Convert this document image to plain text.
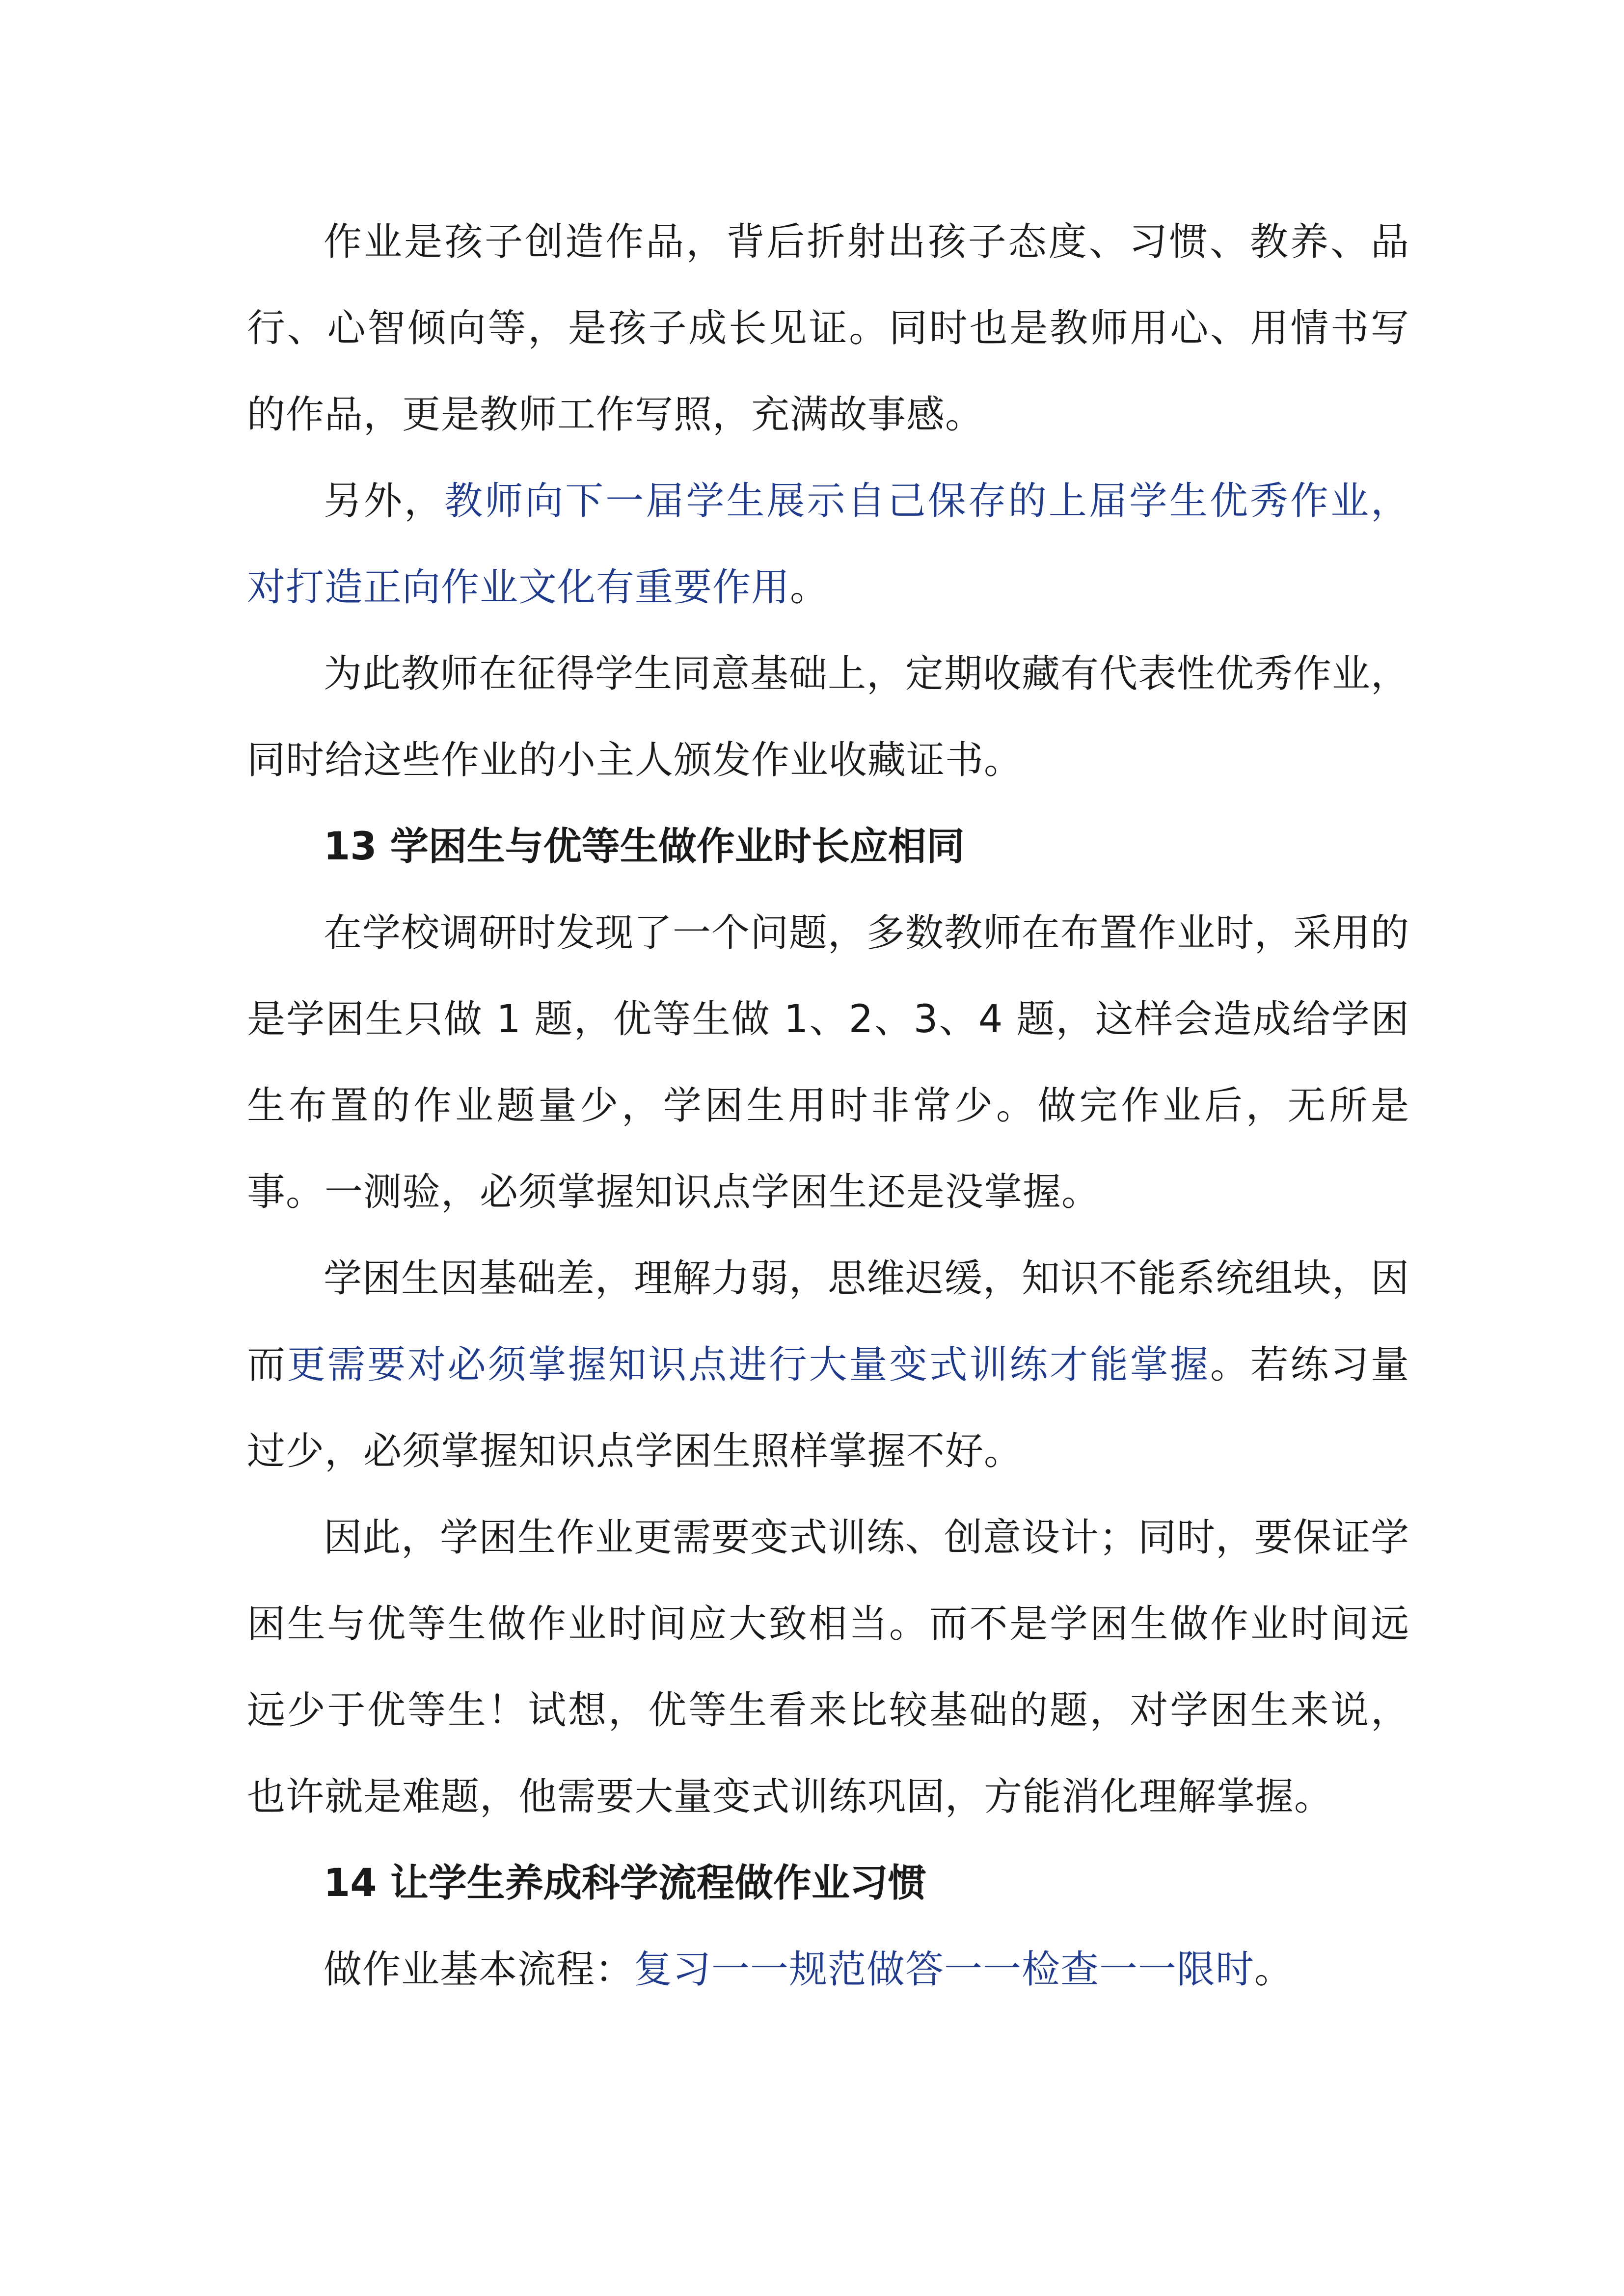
作业是孩子创造作品，背后折射出孩子态度、习惯、教养、品行、心智倾向等，是孩子成长见证。同时也是教师用心、用情书写的作品，更是教师工作写照，充满故事感。

另外，教师向下一届学生展示自己保存的上届学生优秀作业，对打造正向作业文化有重要作用。

为此教师在征得学生同意基础上，定期收藏有代表性优秀作业，同时给这些作业的小主人颁发作业收藏证书。

13 学困生与优等生做作业时长应相同

在学校调研时发现了一个问题，多数教师在布置作业时，采用的是学困生只做 1 题，优等生做 1、2、3、4 题，这样会造成给学困生布置的作业题量少，学困生用时非常少。做完作业后，无所是事。一测验，必须掌握知识点学困生还是没掌握。

学困生因基础差，理解力弱，思维迟缓，知识不能系统组块，因而更需要对必须掌握知识点进行大量变式训练才能掌握。若练习量过少，必须掌握知识点学困生照样掌握不好。

因此，学困生作业更需要变式训练、创意设计；同时，要保证学困生与优等生做作业时间应大致相当。而不是学困生做作业时间远远少于优等生！试想，优等生看来比较基础的题，对学困生来说，也许就是难题，他需要大量变式训练巩固，方能消化理解掌握。

14 让学生养成科学流程做作业习惯

做作业基本流程：复习一一规范做答一一检查一一限时。
